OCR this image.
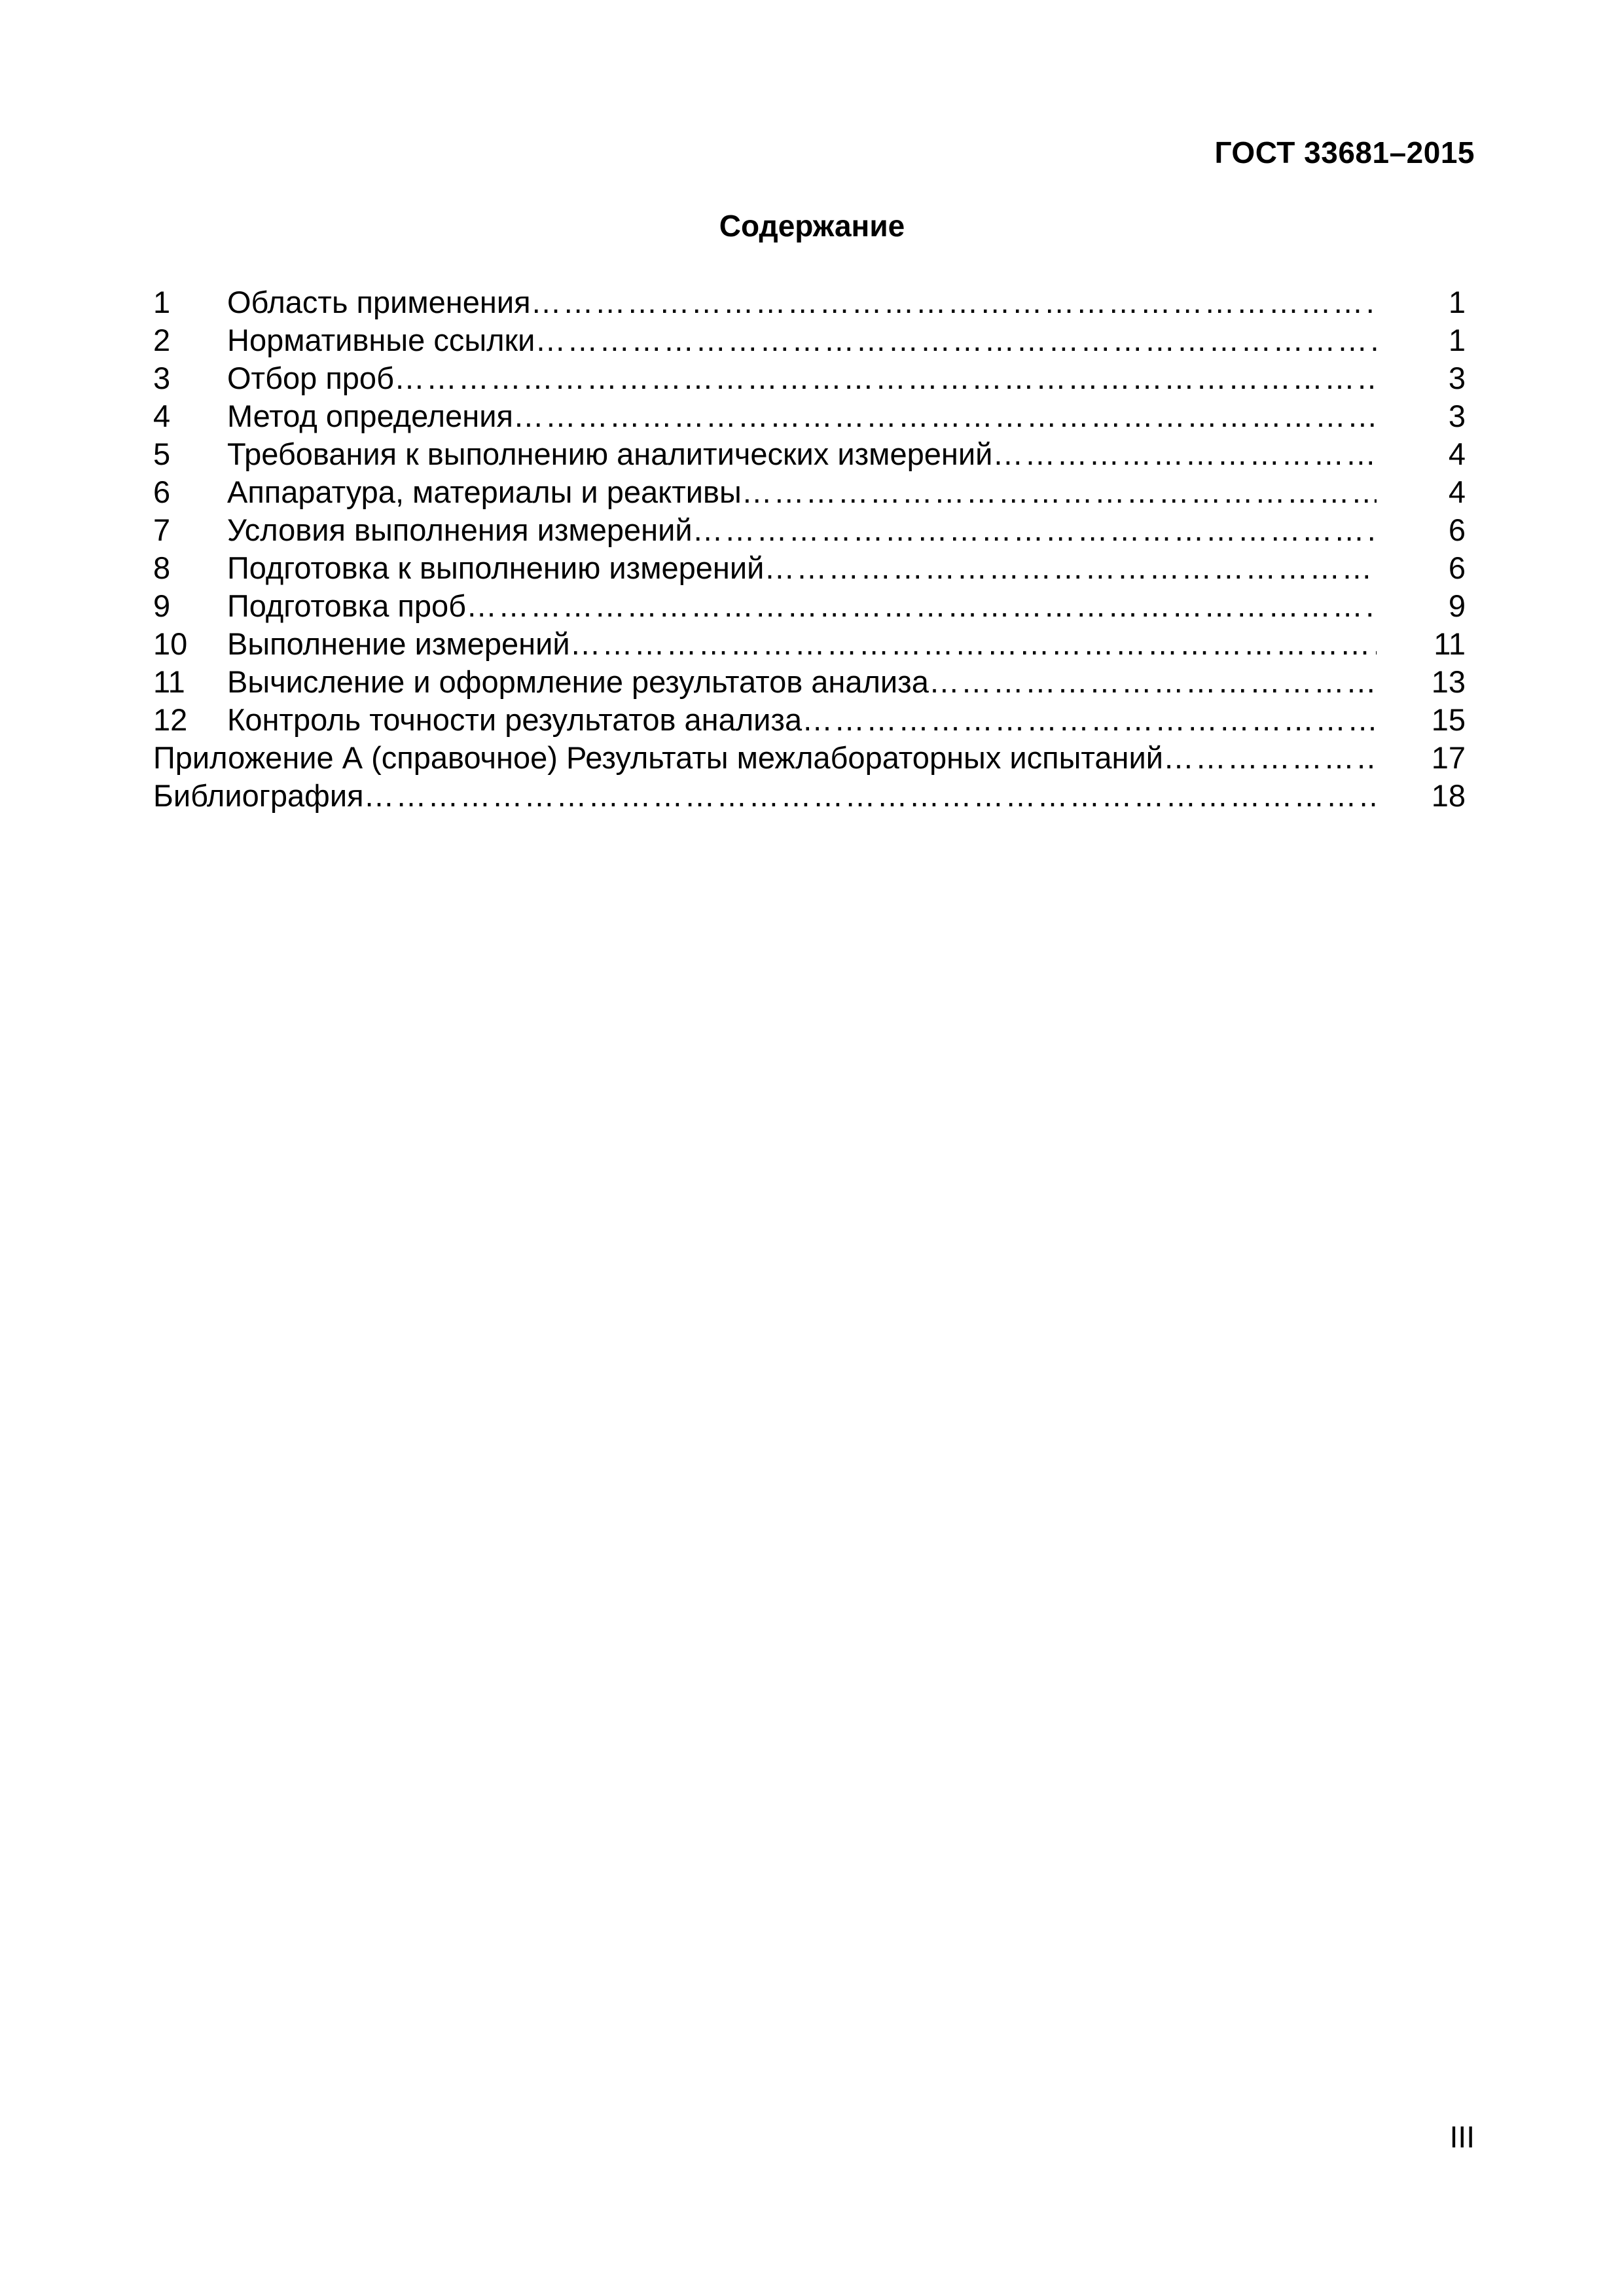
ГОСТ 33681–2015
Содержание
1	Область применения ………………………………………………………………………………………………………………………………………………………………………………………………………………	1
2	Нормативные ссылки ………………………………………………………………………………………………………………………………………………………………………………………………………………	1
3	Отбор проб ………………………………………………………………………………………………………………………………………………………………………………………………………………	3
4	Метод определения ………………………………………………………………………………………………………………………………………………………………………………………………………………	3
5	Требования к выполнению аналитических измерений ………………………………………………………………………………………………………………………………………………………………………………………………………………	4
6	Аппаратура, материалы и реактивы ………………………………………………………………………………………………………………………………………………………………………………………………………………	4
7	Условия выполнения измерений ………………………………………………………………………………………………………………………………………………………………………………………………………………	6
8	Подготовка к выполнению измерений ………………………………………………………………………………………………………………………………………………………………………………………………………………	6
9	Подготовка проб ………………………………………………………………………………………………………………………………………………………………………………………………………………	9
10	Выполнение измерений ………………………………………………………………………………………………………………………………………………………………………………………………………………	11
11	Вычисление и оформление результатов анализа ………………………………………………………………………………………………………………………………………………………………………………………………………………	13
12	Контроль точности результатов анализа ………………………………………………………………………………………………………………………………………………………………………………………………………………	15
Приложение А (справочное) Результаты межлабораторных испытаний ………………………………………………………………………………………………………………………………………………………………………………………………………………	17
Библиография ………………………………………………………………………………………………………………………………………………………………………………………………………………	18
III
